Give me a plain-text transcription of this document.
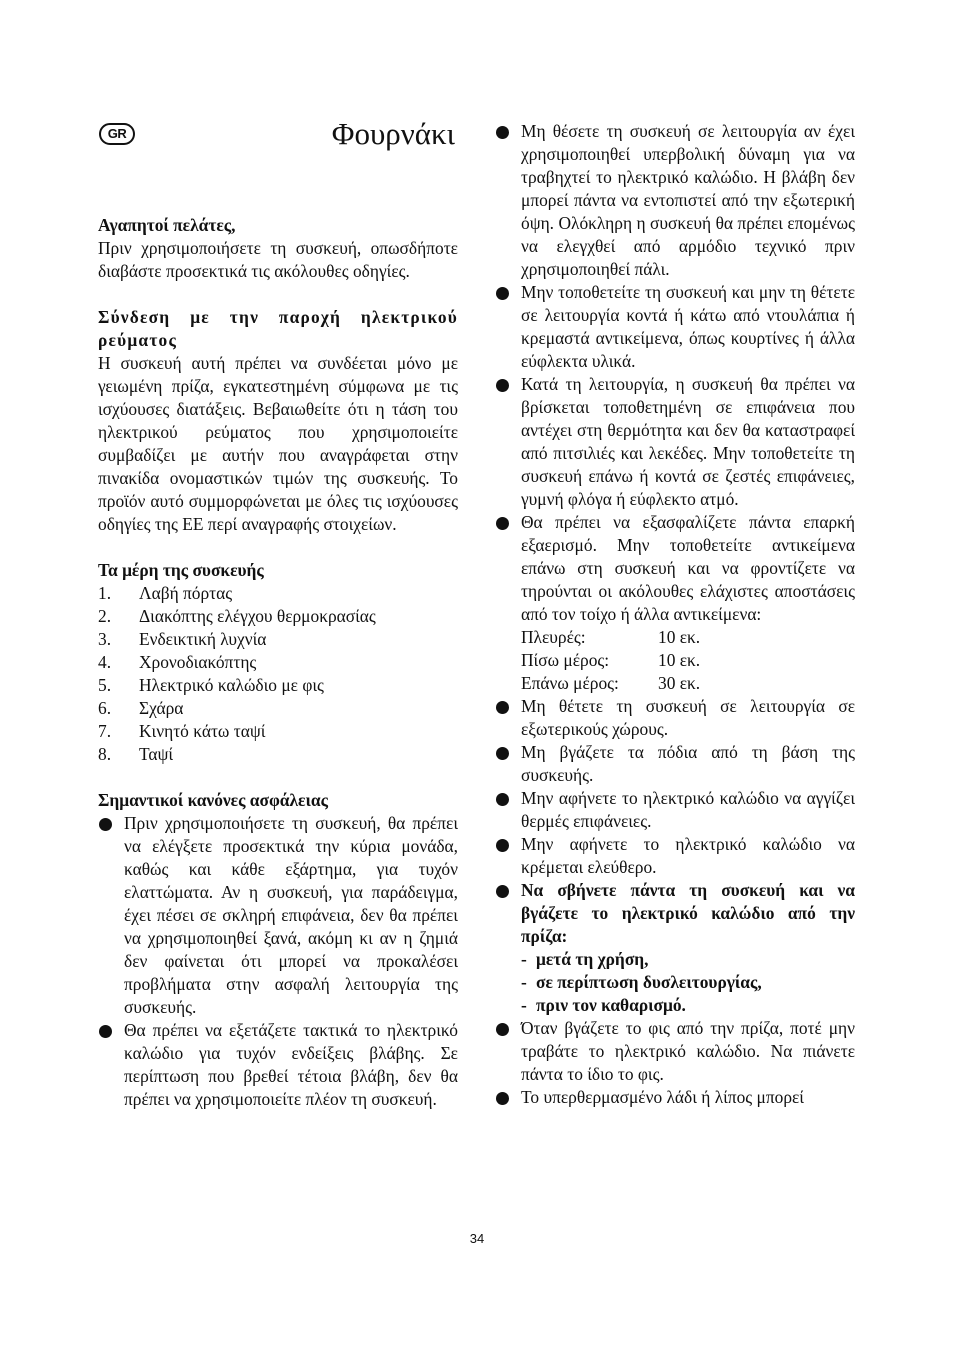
GR	Φουρνάκι

Αγαπητοί πελάτες,

Πριν χρησιμοποιήσετε τη συσκευή, οπωσδήποτε διαβάστε προσεκτικά τις ακόλουθες οδηγίες.

Σύνδεση με την παροχή ηλεκτρικού ρεύματος

Η συσκευή αυτή πρέπει να συνδέεται μόνο με γειωμένη πρίζα, εγκατεστημένη σύμφωνα με τις ισχύουσες διατάξεις. Βεβαιωθείτε ότι η τάση του ηλεκτρικού ρεύματος που χρησιμοποιείτε συμβαδίζει με αυτήν που αναγράφεται στην πινακίδα ονομαστικών τιμών της συσκευής. Το προϊόν αυτό συμμορφώνεται με όλες τις ισχύουσες οδηγίες της ΕΕ περί αναγραφής στοιχείων.

Τα μέρη της συσκευής

1.	Λαβή πόρτας
2.	Διακόπτης ελέγχου θερμοκρασίας
3.	Ενδεικτική λυχνία
4.	Χρονοδιακόπτης
5.	Ηλεκτρικό καλώδιο με φις
6.	Σχάρα
7.	Κινητό κάτω ταψί
8.	Ταψί

Σημαντικοί κανόνες ασφάλειας

Πριν χρησιμοποιήσετε τη συσκευή, θα πρέπει να ελέγξετε προσεκτικά την κύρια μονάδα, καθώς και κάθε εξάρτημα, για τυχόν ελαττώματα. Αν η συσκευή, για παράδειγμα, έχει πέσει σε σκληρή επιφάνεια, δεν θα πρέπει να χρησιμοποιηθεί ξανά, ακόμη κι αν η ζημιά δεν φαίνεται ότι μπορεί να προκαλέσει προβλήματα στην ασφαλή λειτουργία της συσκευής.
Θα πρέπει να εξετάζετε τακτικά το ηλεκτρικό καλώδιο για τυχόν ενδείξεις βλάβης. Σε περίπτωση που βρεθεί τέτοια βλάβη, δεν θα πρέπει να χρησιμοποιείτε πλέον τη συσκευή.
Μη θέσετε τη συσκευή σε λειτουργία αν έχει χρησιμοποιηθεί υπερβολική δύναμη για να τραβηχτεί το ηλεκτρικό καλώδιο. Η βλάβη δεν μπορεί πάντα να εντοπιστεί από την εξωτερική όψη. Ολόκληρη η συσκευή θα πρέπει επομένως να ελεγχθεί από αρμόδιο τεχνικό πριν χρησιμοποιηθεί πάλι.
Μην τοποθετείτε τη συσκευή και μην τη θέτετε σε λειτουργία κοντά ή κάτω από ντουλάπια ή κρεμαστά αντικείμενα, όπως κουρτίνες ή άλλα εύφλεκτα υλικά.
Κατά τη λειτουργία, η συσκευή θα πρέπει να βρίσκεται τοποθετημένη σε επιφάνεια που αντέχει στη θερμότητα και δεν θα καταστραφεί από πιτσιλιές και λεκέδες. Μην τοποθετείτε τη συσκευή επάνω ή κοντά σε ζεστές επιφάνειες, γυμνή φλόγα ή εύφλεκτο ατμό.
Θα πρέπει να εξασφαλίζετε πάντα επαρκή εξαερισμό. Μην τοποθετείτε αντικείμενα επάνω στη συσκευή και να φροντίζετε να τηρούνται οι ακόλουθες ελάχιστες αποστάσεις από τον τοίχο ή άλλα αντικείμενα:
Πλευρές:	10 εκ.
Πίσω μέρος:	10 εκ.
Επάνω μέρος:	30 εκ.
Μη θέτετε τη συσκευή σε λειτουργία σε εξωτερικούς χώρους.
Μη βγάζετε τα πόδια από τη βάση της συσκευής.
Μην αφήνετε το ηλεκτρικό καλώδιο να αγγίζει θερμές επιφάνειες.
Μην αφήνετε το ηλεκτρικό καλώδιο να κρέμεται ελεύθερο.
Να σβήνετε πάντα τη συσκευή και να βγάζετε το ηλεκτρικό καλώδιο από την πρίζα:
- μετά τη χρήση,
- σε περίπτωση δυσλειτουργίας,
- πριν τον καθαρισμό.
Όταν βγάζετε το φις από την πρίζα, ποτέ μην τραβάτε το ηλεκτρικό καλώδιο. Να πιάνετε πάντα το ίδιο το φις.
Το υπερθερμασμένο λάδι ή λίπος μπορεί
34
